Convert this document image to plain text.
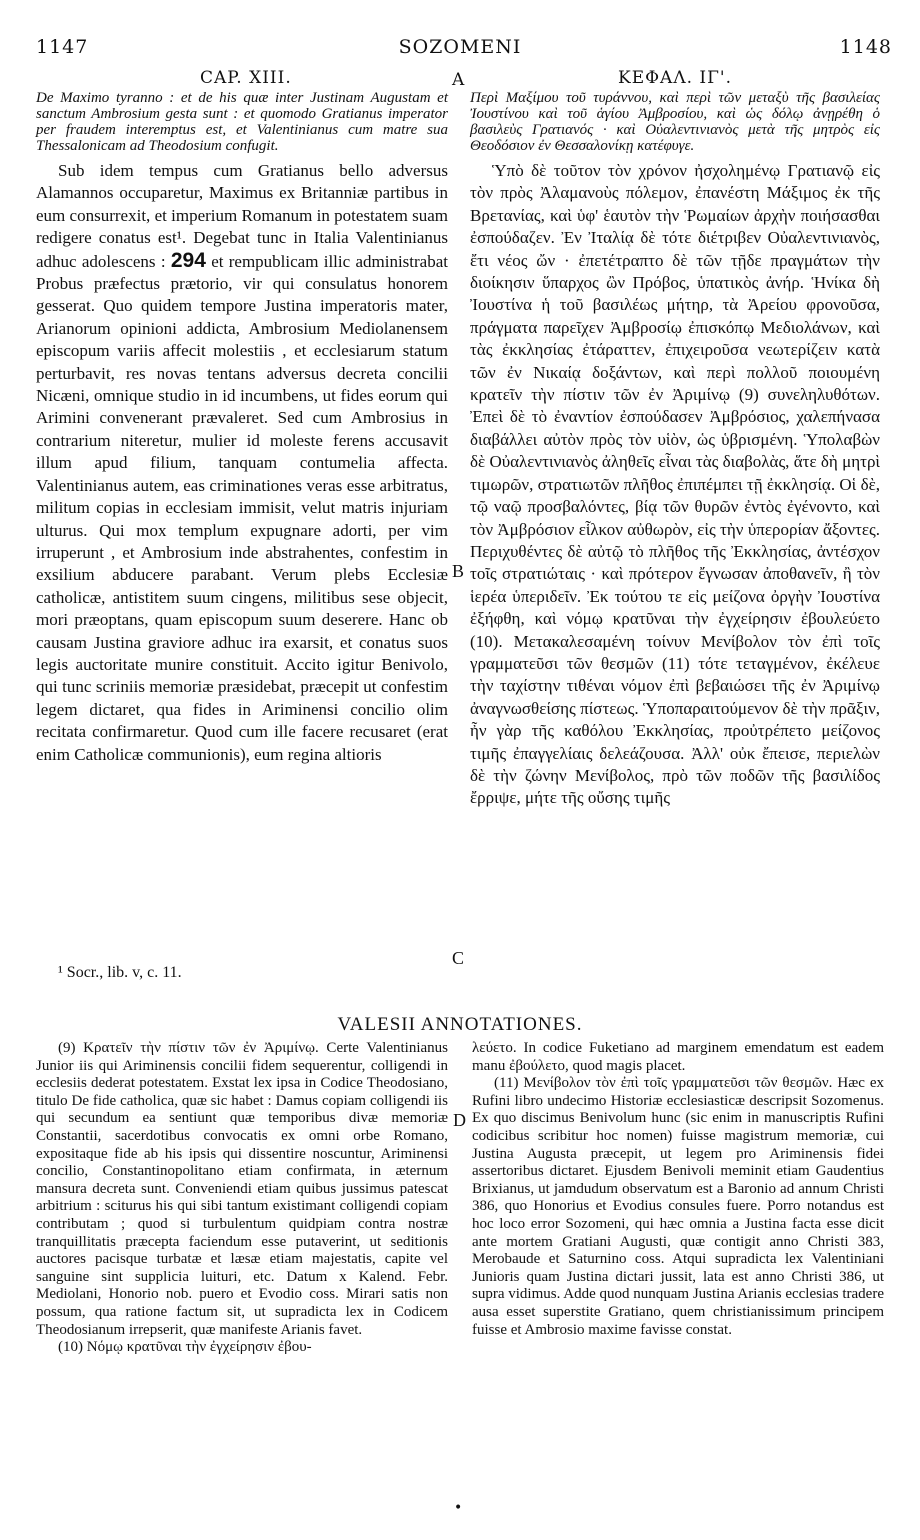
1147	SOZOMENI	1148
CAP. XIII.	A	ΚΕΦΑΛ. ΙΓ'.

De Maximo tyranno : et de his quæ inter Justinam Augustam et sanctum Ambrosium gesta sunt : et quomodo Gratianus imperator per fraudem interemptus est, et Valentinianus cum matre sua Thessalonicam ad Theodosium confugit.

Sub idem tempus cum Gratianus bello adversus Alamannos occuparetur, Maximus ex Britanniæ partibus in eum consurrexit, et imperium Romanum in potestatem suam redigere conatus est¹. Degebat tunc in Italia Valentinianus adhuc adolescens : 294 et rempublicam illic administrabat Probus præfectus prætorio, vir qui consulatus honorem gesserat. Quo quidem tempore Justina imperatoris mater, Arianorum opinioni addicta, Ambrosium Mediolanensem episcopum variis affecit molestiis , et ecclesiarum statum perturbavit, res novas tentans adversus decreta concilii Nicæni, omnique studio in id incumbens, ut fides eorum qui Arimini convenerant prævaleret. Sed cum Ambrosius in contrarium niteretur, mulier id moleste ferens accusavit illum apud filium, tanquam contumelia affecta. Valentinianus autem, eas criminationes veras esse arbitratus, militum copias in ecclesiam immisit, velut matris injuriam ulturus. Qui mox templum expugnare adorti, per vim irruperunt , et Ambrosium inde abstrahentes, confestim in exsilium abducere parabant. Verum plebs Ecclesiæ catholicæ, antistitem suum cingens, militibus sese objecit, mori præoptans, quam episcopum suum deserere. Hanc ob causam Justina graviore adhuc ira exarsit, et conatus suos legis auctoritate munire constituit. Accito igitur Benivolo, qui tunc scriniis memoriæ præsidebat, præcepit ut confestim legem dictaret, qua fides in Ariminensi concilio olim recitata confirmaretur. Quod cum ille facere recusaret (erat enim Catholicæ communionis), eum regina altioris

Περὶ Μαξίμου τοῦ τυράννου, καὶ περὶ τῶν μεταξὺ τῆς βασιλείας Ἰουστίνου καὶ τοῦ ἁγίου Ἀμβροσίου, καὶ ὡς δόλῳ ἀνῃρέθη ὁ βασιλεὺς Γρατιανός · καὶ Οὐαλεντινιανὸς μετὰ τῆς μητρὸς εἰς Θεοδόσιον ἐν Θεσσαλονίκῃ κατέφυγε.

Ὑπὸ δὲ τοῦτον τὸν χρόνον ἠσχολημένῳ Γρατιανῷ εἰς τὸν πρὸς Ἀλαμανοὺς πόλεμον, ἐπανέστη Μάξιμος ἐκ τῆς Βρετανίας, καὶ ὑφ' ἑαυτὸν τὴν Ῥωμαίων ἀρχὴν ποιήσασθαι ἐσπούδαζεν. Ἐν Ἰταλίᾳ δὲ τότε διέτριβεν Οὐαλεντινιανὸς, ἔτι νέος ὤν · ἐπετέτραπτο δὲ τῶν τῇδε πραγμάτων τὴν διοίκησιν ὕπαρχος ὢν Πρόβος, ὑπατικὸς ἀνήρ. Ἡνίκα δὴ Ἰουστίνα ἡ τοῦ βασιλέως μήτηρ, τὰ Ἀρείου φρονοῦσα, πράγματα παρεῖχεν Ἀμβροσίῳ ἐπισκόπῳ Μεδιολάνων, καὶ τὰς ἐκκλησίας ἐτάραττεν, ἐπιχειροῦσα νεωτερίζειν κατὰ τῶν ἐν Νικαίᾳ δοξάντων, καὶ περὶ πολλοῦ ποιουμένη κρατεῖν τὴν πίστιν τῶν ἐν Ἀριμίνῳ (9) συνεληλυθότων. Ἐπεὶ δὲ τὸ ἐναντίον ἐσπούδασεν Ἀμβρόσιος, χαλεπήνασα διαβάλλει αὐτὸν πρὸς τὸν υἱὸν, ὡς ὑβρισμένη. Ὑπολαβὼν δὲ Οὐαλεντινιανὸς ἀληθεῖς εἶναι τὰς διαβολὰς, ἅτε δὴ μητρὶ τιμωρῶν, στρατιωτῶν πλῆθος ἐπιπέμπει τῇ ἐκκλησίᾳ. Οἱ δὲ, τῷ ναῷ προσβαλόντες, βίᾳ τῶν θυρῶν ἐντὸς ἐγένοντο, καὶ τὸν Ἀμβρόσιον εἷλκον αὐθωρὸν, εἰς τὴν ὑπερορίαν ἄξοντες. Περιχυθέντες δὲ αὐτῷ τὸ πλῆθος τῆς Ἐκκλησίας, ἀντέσχον τοῖς στρατιώταις · καὶ πρότερον ἔγνωσαν ἀποθανεῖν, ἢ τὸν ἱερέα ὑπεριδεῖν. Ἐκ τούτου τε εἰς μείζονα ὀργὴν Ἰουστίνα ἐξήφθη, καὶ νόμῳ κρατῦναι τὴν ἐγχείρησιν ἐβουλεύετο (10). Μετακαλεσαμένη τοίνυν Μενίβολον τὸν ἐπὶ τοῖς γραμματεῦσι τῶν θεσμῶν (11) τότε τεταγμένον, ἐκέλευε τὴν ταχίστην τιθέναι νόμον ἐπὶ βεβαιώσει τῆς ἐν Ἀριμίνῳ ἀναγνωσθείσης πίστεως. Ὑποπαραιτούμενον δὲ τὴν πρᾶξιν, ἦν γὰρ τῆς καθόλου Ἐκκλησίας, προὐτρέπετο μείζονος τιμῆς ἐπαγγελίαις δελεάζουσα. Ἀλλ' οὐκ ἔπεισε, περιελὼν δὲ τὴν ζώνην Μενίβολος, πρὸ τῶν ποδῶν τῆς βασιλίδος ἔρριψε, μήτε τῆς οὔσης τιμῆς

B
C
D
¹ Socr., lib. v, c. 11.
VALESII ANNOTATIONES.

(9) Κρατεῖν τὴν πίστιν τῶν ἐν Ἀριμίνῳ. Certe Valentinianus Junior iis qui Ariminensis concilii fidem sequerentur, colligendi in ecclesiis dederat potestatem. Exstat lex ipsa in Codice Theodosiano, titulo De fide catholica, quæ sic habet : Damus copiam colligendi iis qui secundum ea sentiunt quæ temporibus divæ memoriæ Constantii, sacerdotibus convocatis ex omni orbe Romano, expositaque fide ab his ipsis qui dissentire noscuntur, Ariminensi concilio, Constantinopolitano etiam confirmata, in æternum mansura decreta sunt. Conveniendi etiam quibus jussimus patescat arbitrium : sciturus his qui sibi tantum existimant colligendi copiam contributam ; quod si turbulentum quidpiam contra nostræ tranquillitatis præcepta faciendum esse putaverint, ut seditionis auctores pacisque turbatæ et læsæ etiam majestatis, capite vel sanguine sint supplicia luituri, etc. Datum x Kalend. Febr. Mediolani, Honorio nob. puero et Evodio coss. Mirari satis non possum, qua ratione factum sit, ut supradicta lex in Codicem Theodosianum irrepserit, quæ manifeste Arianis favet.

(10) Νόμῳ κρατῦναι τὴν ἐγχείρησιν ἐβου-

λεύετο. In codice Fuketiano ad marginem emendatum est eadem manu ἐβούλετο, quod magis placet.

(11) Μενίβολον τὸν ἐπὶ τοῖς γραμματεῦσι τῶν θεσμῶν. Hæc ex Rufini libro undecimo Historiæ ecclesiasticæ descripsit Sozomenus. Ex quo discimus Benivolum hunc (sic enim in manuscriptis Rufini codicibus scribitur hoc nomen) fuisse magistrum memoriæ, cui Justina Augusta præcepit, ut legem pro Ariminensis fidei assertoribus dictaret. Ejusdem Benivoli meminit etiam Gaudentius Brixianus, ut jamdudum observatum est a Baronio ad annum Christi 386, quo Honorius et Evodius consules fuere. Porro notandus est hoc loco error Sozomeni, qui hæc omnia a Justina facta esse dicit ante mortem Gratiani Augusti, quæ contigit anno Christi 383, Merobaude et Saturnino coss. Atqui supradicta lex Valentiniani Junioris quam Justina dictari jussit, lata est anno Christi 386, ut supra vidimus. Adde quod nunquam Justina Arianis ecclesias tradere ausa esset superstite Gratiano, quem christianissimum principem fuisse et Ambrosio maxime favisse constat.

•
